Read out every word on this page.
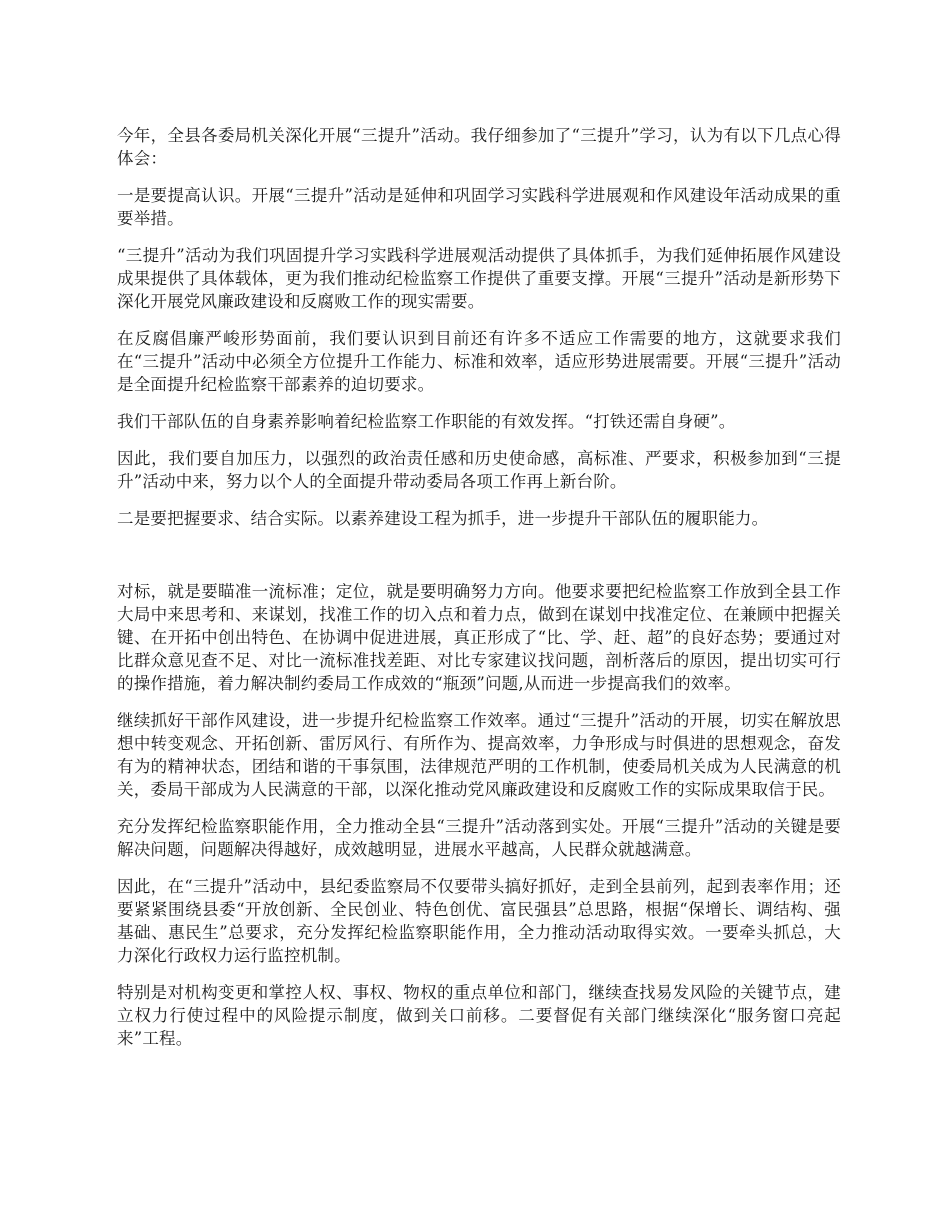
今年，全县各委局机关深化开展“三提升”活动。我仔细参加了“三提升”学习，认为有以下几点心得体会：

一是要提高认识。开展“三提升”活动是延伸和巩固学习实践科学进展观和作风建设年活动成果的重要举措。

“三提升”活动为我们巩固提升学习实践科学进展观活动提供了具体抓手，为我们延伸拓展作风建设成果提供了具体载体，更为我们推动纪检监察工作提供了重要支撑。开展“三提升”活动是新形势下深化开展党风廉政建设和反腐败工作的现实需要。

在反腐倡廉严峻形势面前，我们要认识到目前还有许多不适应工作需要的地方，这就要求我们在“三提升”活动中必须全方位提升工作能力、标准和效率，适应形势进展需要。开展“三提升”活动是全面提升纪检监察干部素养的迫切要求。

我们干部队伍的自身素养影响着纪检监察工作职能的有效发挥。“打铁还需自身硬”。

因此，我们要自加压力，以强烈的政治责任感和历史使命感，高标准、严要求，积极参加到“三提升”活动中来，努力以个人的全面提升带动委局各项工作再上新台阶。

二是要把握要求、结合实际。以素养建设工程为抓手，进一步提升干部队伍的履职能力。

对标，就是要瞄准一流标准；定位，就是要明确努力方向。他要求要把纪检监察工作放到全县工作大局中来思考和、来谋划，找准工作的切入点和着力点，做到在谋划中找准定位、在兼顾中把握关键、在开拓中创出特色、在协调中促进进展，真正形成了“比、学、赶、超”的良好态势；要通过对比群众意见查不足、对比一流标准找差距、对比专家建议找问题，剖析落后的原因，提出切实可行的操作措施，着力解决制约委局工作成效的“瓶颈”问题,从而进一步提高我们的效率。

继续抓好干部作风建设，进一步提升纪检监察工作效率。通过“三提升”活动的开展，切实在解放思想中转变观念、开拓创新、雷厉风行、有所作为、提高效率，力争形成与时俱进的思想观念，奋发有为的精神状态，团结和谐的干事氛围，法律规范严明的工作机制，使委局机关成为人民满意的机关，委局干部成为人民满意的干部，以深化推动党风廉政建设和反腐败工作的实际成果取信于民。

充分发挥纪检监察职能作用，全力推动全县“三提升”活动落到实处。开展“三提升”活动的关键是要解决问题，问题解决得越好，成效越明显，进展水平越高，人民群众就越满意。

因此，在“三提升”活动中，县纪委监察局不仅要带头搞好抓好，走到全县前列，起到表率作用；还要紧紧围绕县委“开放创新、全民创业、特色创优、富民强县”总思路，根据“保增长、调结构、强基础、惠民生”总要求，充分发挥纪检监察职能作用，全力推动活动取得实效。一要牵头抓总，大力深化行政权力运行监控机制。

特别是对机构变更和掌控人权、事权、物权的重点单位和部门，继续查找易发风险的关键节点，建立权力行使过程中的风险提示制度，做到关口前移。二要督促有关部门继续深化“服务窗口亮起来”工程。
